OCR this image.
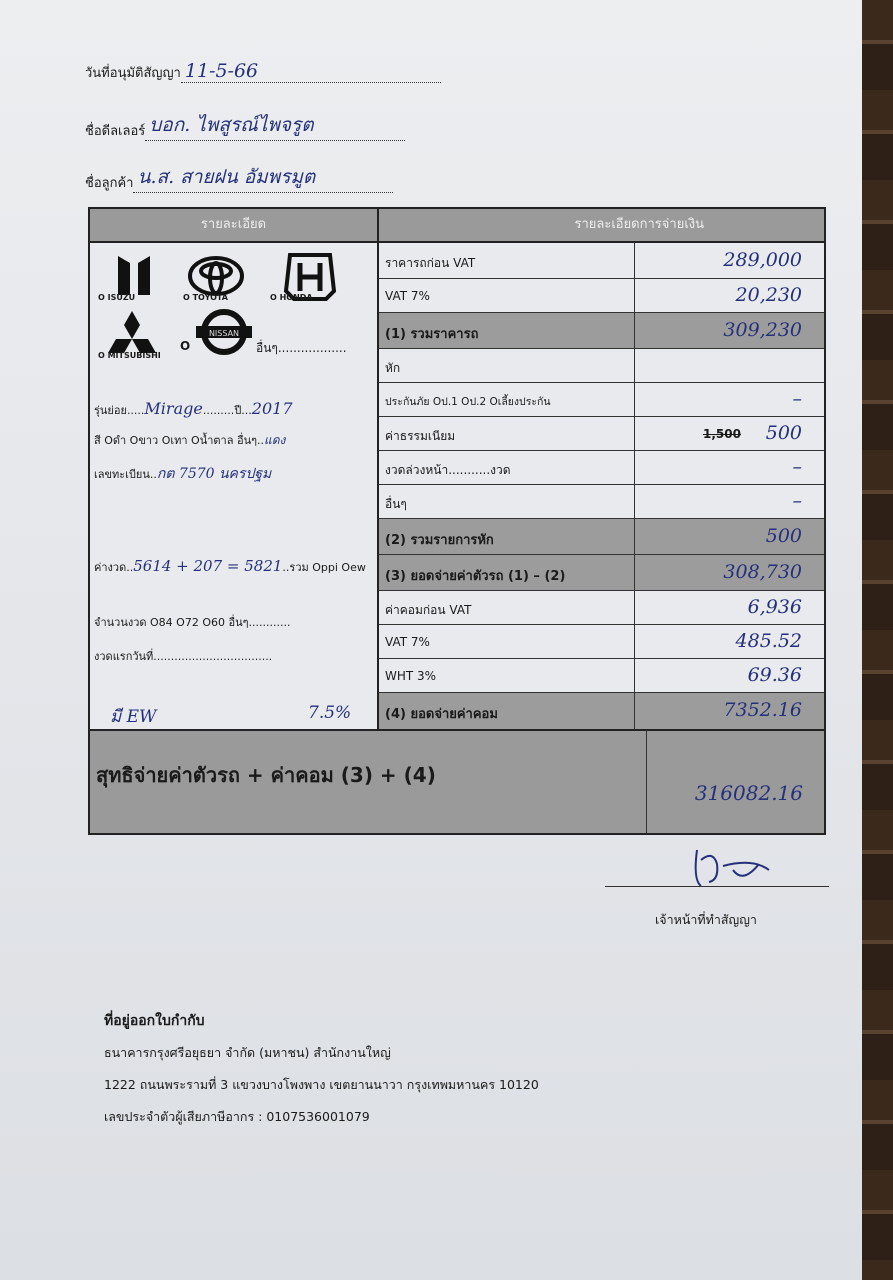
วันที่อนุมัติสัญญา 11-5-66
ชื่อดีลเลอร์ บอก. ไพสูรณ์ไพจรูต
ชื่อลูกค้า น.ส. สายฝน อัมพรมูต
รายละเอียด	รายละเอียดการจ่ายเงิน
O ISUZU	O TOYOTA	O HONDA
O MITSUBISHI
O
NISSAN
อื่นๆ..................
รุ่นย่อย.....Mirage.........ปี...2017
สี Oดำ Oขาว Oเทา Oน้ำตาล อื่นๆ..แดง
เลขทะเบียน..กต 7570 นครปฐม
ค่างวด..5614 + 207 = 5821..รวม Oppi Oew
จำนวนงวด O84 O72 O60 อื่นๆ............
งวดแรกวันที่..................................
มี EW	7.5%
ราคารถก่อน VAT	289,000
VAT 7%	20,230
(1) รวมราคารถ	309,230
หัก
ประกันภัย Oป.1 Oป.2 Oเลี้ยงประกัน	–
ค่าธรรมเนียม	1,500 500
งวดล่วงหน้า...........งวด	–
อื่นๆ	–
(2) รวมรายการหัก	500
(3) ยอดจ่ายค่าตัวรถ (1) – (2)	308,730
ค่าคอมก่อน VAT	6,936
VAT 7%	485.52
WHT 3%	69.36
(4) ยอดจ่ายค่าคอม	7352.16
สุทธิจ่ายค่าตัวรถ + ค่าคอม (3) + (4)
316082.16
เจ้าหน้าที่ทำสัญญา
ที่อยู่ออกใบกำกับ
ธนาคารกรุงศรีอยุธยา จำกัด (มหาชน) สำนักงานใหญ่
1222 ถนนพระรามที่ 3 แขวงบางโพงพาง เขตยานนาวา กรุงเทพมหานคร 10120
เลขประจำตัวผู้เสียภาษีอากร : 0107536001079
